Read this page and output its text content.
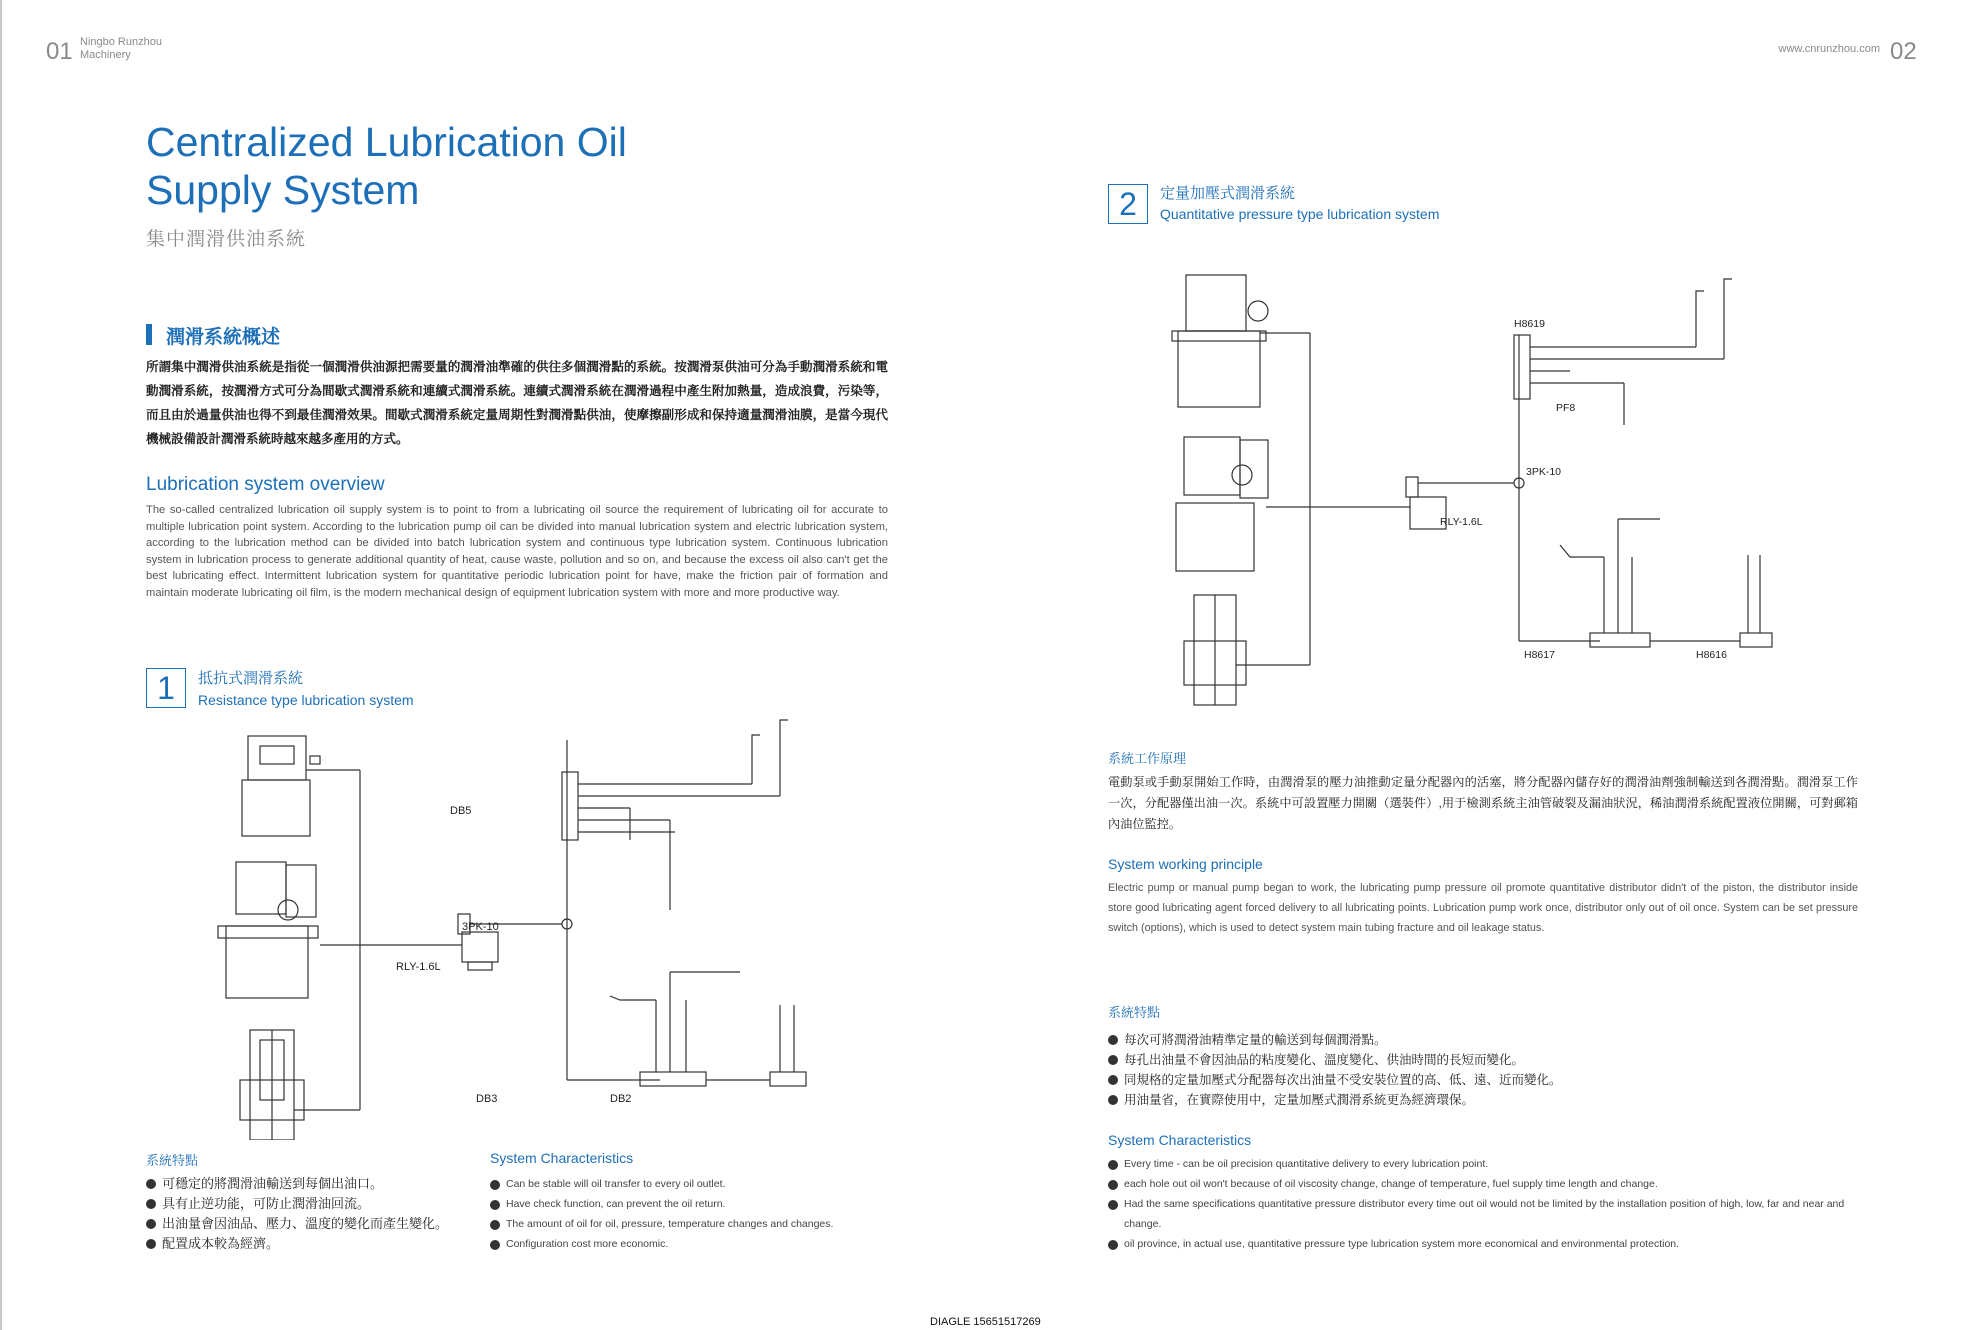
01 Ningbo Runzhou
Machinery	www.cnrunzhou.com 02
Centralized Lubrication Oil
Supply System
集中潤滑供油系統
潤滑系統概述
所謂集中潤滑供油系統是指從一個潤滑供油源把需要量的潤滑油準確的供往多個潤滑點的系統。按潤滑泵供油可分為手動潤滑系統和電動潤滑系統，按潤滑方式可分為間歇式潤滑系統和連續式潤滑系統。連續式潤滑系統在潤滑過程中產生附加熱量，造成浪費，污染等，而且由於過量供油也得不到最佳潤滑效果。間歇式潤滑系統定量周期性對潤滑點供油，使摩擦副形成和保持適量潤滑油膜，是當今現代機械設備設計潤滑系統時越來越多產用的方式。
Lubrication system overview
The so-called centralized lubrication oil supply system is to point to from a lubricating oil source the requirement of lubricating oil for accurate to multiple lubrication point system. According to the lubrication pump oil can be divided into manual lubrication system and electric lubrication system, according to the lubrication method can be divided into batch lubrication system and continuous type lubrication system. Continuous lubrication system in lubrication process to generate additional quantity of heat, cause waste, pollution and so on, and because the excess oil also can't get the best lubricating effect. Intermittent lubrication system for quantitative periodic lubrication point for have, make the friction pair of formation and maintain moderate lubricating oil film, is the modern mechanical design of equipment lubrication system with more and more productive way.
1	抵抗式潤滑系統
Resistance type lubrication system
DB5
3PK-10
RLY-1.6L
DB3	DB2
系統特點
可穩定的將潤滑油輸送到每個出油口。
具有止逆功能，可防止潤滑油回流。
出油量會因油品、壓力、溫度的變化而產生變化。
配置成本較為經濟。
System Characteristics
Can be stable will oil transfer to every oil outlet.
Have check function, can prevent the oil return.
The amount of oil for oil, pressure, temperature changes and changes.
Configuration cost more economic.
2	定量加壓式潤滑系統
Quantitative pressure type lubrication system
H8619
PF8
3PK-10
RLY-1.6L
H8617	H8616
系統工作原理
電動泵或手動泵開始工作時，由潤滑泵的壓力油推動定量分配器內的活塞，將分配器內儲存好的潤滑油劑強制輸送到各潤滑點。潤滑泵工作一次，分配器僅出油一次。系統中可設置壓力開關（選裝件）,用于檢測系統主油管破裂及漏油狀況，稀油潤滑系統配置液位開關，可對郵箱內油位監控。
System working principle
Electric pump or manual pump began to work, the lubricating pump pressure oil promote quantitative distributor didn't of the piston, the distributor inside store good lubricating agent forced delivery to all lubricating points. Lubrication pump work once, distributor only out of oil once. System can be set pressure switch (options), which is used to detect system main tubing fracture and oil leakage status.
系統特點
每次可將潤滑油精準定量的輸送到每個潤滑點。
每孔出油量不會因油品的粘度變化、溫度變化、供油時間的長短而變化。
同規格的定量加壓式分配器每次出油量不受安裝位置的高、低、遠、近而變化。
用油量省，在實際使用中，定量加壓式潤滑系統更為經濟環保。
System Characteristics
Every time - can be oil precision quantitative delivery to every lubrication point.
each hole out oil won't because of oil viscosity change, change of temperature, fuel supply time length and change.
Had the same specifications quantitative pressure distributor every time out oil would not be limited by the installation position of high, low, far and near and change.
oil province, in actual use, quantitative pressure type lubrication system more economical and environmental protection.
DIAGLE 15651517269
